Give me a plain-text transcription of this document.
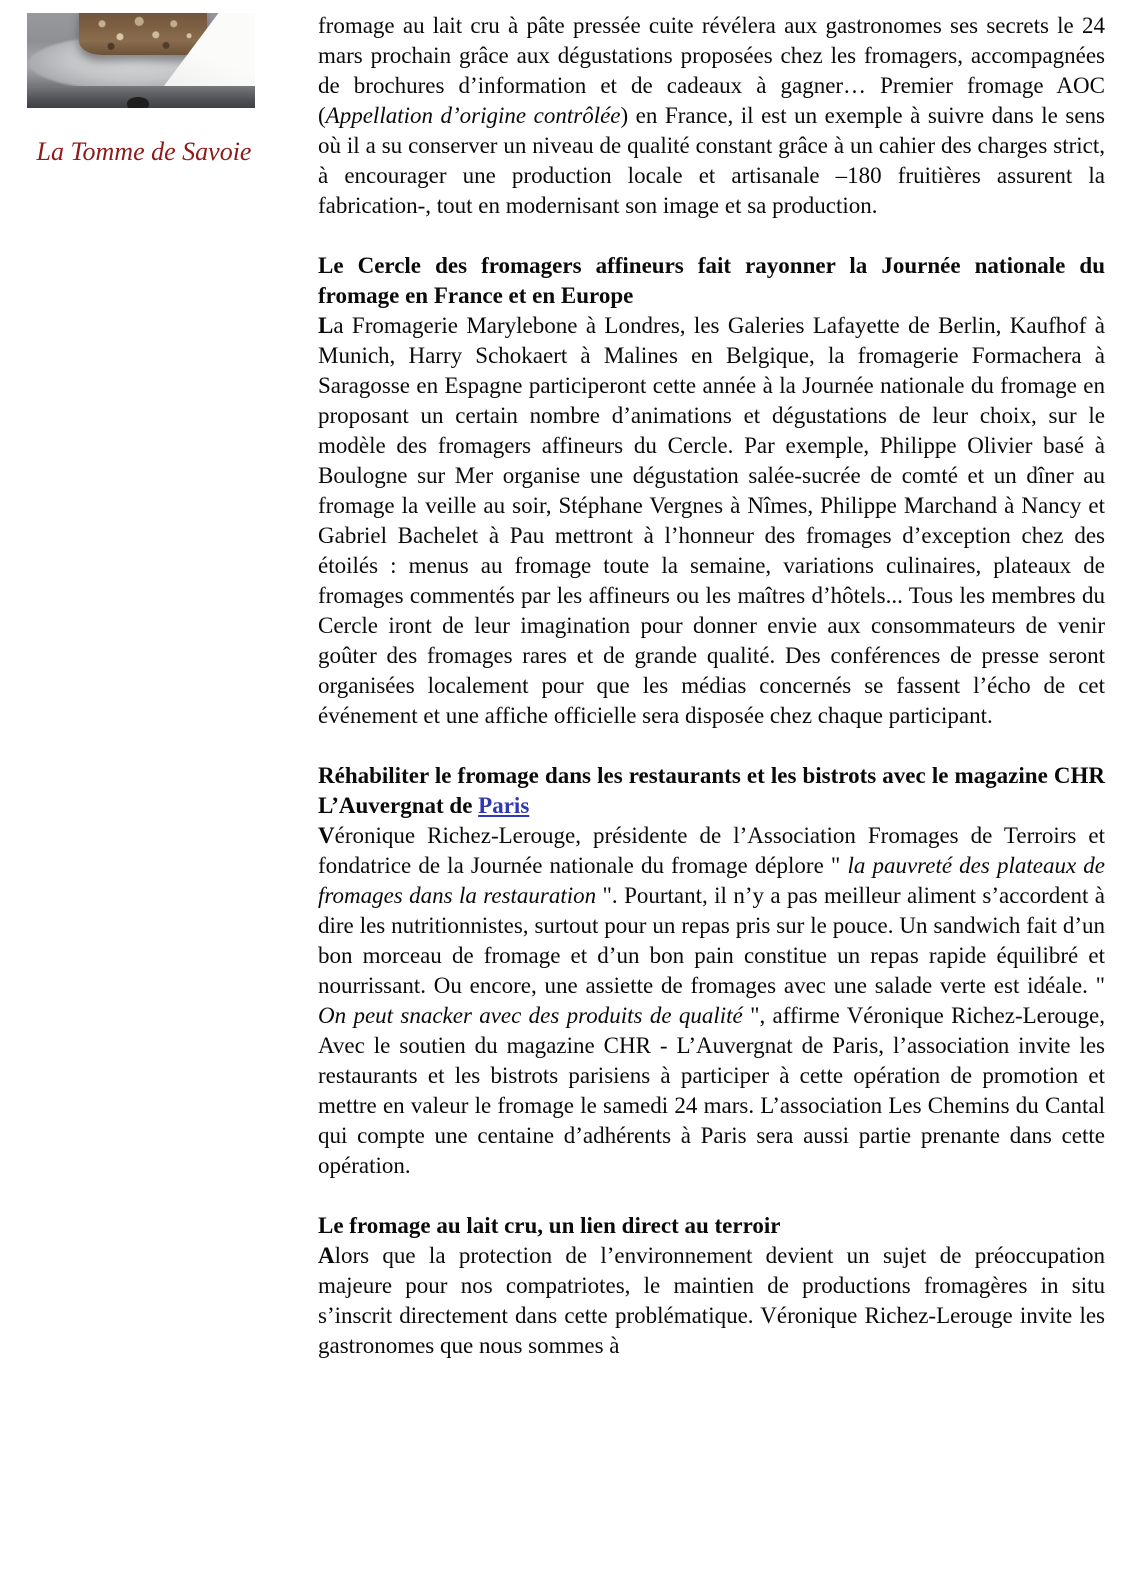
La Tomme de Savoie
fromage au lait cru à pâte pressée cuite révélera aux gastronomes ses secrets le 24 mars prochain grâce aux dégustations proposées chez les fromagers, accompagnées de brochures d’information et de cadeaux à gagner… Premier fromage AOC (Appellation d’origine contrôlée) en France, il est un exemple à suivre dans le sens où il a su conserver un niveau de qualité constant grâce à un cahier des charges strict, à encourager une production locale et artisanale –180 fruitières assurent la fabrication-, tout en modernisant son image et sa production.
Le Cercle des fromagers affineurs fait rayonner la Journée nationale du fromage en France et en Europe
La Fromagerie Marylebone à Londres, les Galeries Lafayette de Berlin, Kaufhof à Munich, Harry Schokaert à Malines en Belgique, la fromagerie Formachera à Saragosse en Espagne participeront cette année à la Journée nationale du fromage en proposant un certain nombre d’animations et dégustations de leur choix, sur le modèle des fromagers affineurs du Cercle. Par exemple, Philippe Olivier basé à Boulogne sur Mer organise une dégustation salée-sucrée de comté et un dîner au fromage la veille au soir, Stéphane Vergnes à Nîmes, Philippe Marchand à Nancy et Gabriel Bachelet à Pau mettront à l’honneur des fromages d’exception chez des étoilés : menus au fromage toute la semaine, variations culinaires, plateaux de fromages commentés par les affineurs ou les maîtres d’hôtels... Tous les membres du Cercle iront de leur imagination pour donner envie aux consommateurs de venir goûter des fromages rares et de grande qualité. Des conférences de presse seront organisées localement pour que les médias concernés se fassent l’écho de cet événement et une affiche officielle sera disposée chez chaque participant.
Réhabiliter le fromage dans les restaurants et les bistrots avec le magazine CHR L’Auvergnat de Paris
Véronique Richez-Lerouge, présidente de l’Association Fromages de Terroirs et fondatrice de la Journée nationale du fromage déplore " la pauvreté des plateaux de fromages dans la restauration ". Pourtant, il n’y a pas meilleur aliment s’accordent à dire les nutritionnistes, surtout pour un repas pris sur le pouce. Un sandwich fait d’un bon morceau de fromage et d’un bon pain constitue un repas rapide équilibré et nourrissant. Ou encore, une assiette de fromages avec une salade verte est idéale. " On peut snacker avec des produits de qualité ", affirme Véronique Richez-Lerouge, Avec le soutien du magazine CHR - L’Auvergnat de Paris, l’association invite les restaurants et les bistrots parisiens à participer à cette opération de promotion et mettre en valeur le fromage le samedi 24 mars. L’association Les Chemins du Cantal qui compte une centaine d’adhérents à Paris sera aussi partie prenante dans cette opération.
Le fromage au lait cru, un lien direct au terroir
Alors que la protection de l’environnement devient un sujet de préoccupation majeure pour nos compatriotes, le maintien de productions fromagères in situ s’inscrit directement dans cette problématique. Véronique Richez-Lerouge invite les gastronomes que nous sommes à
